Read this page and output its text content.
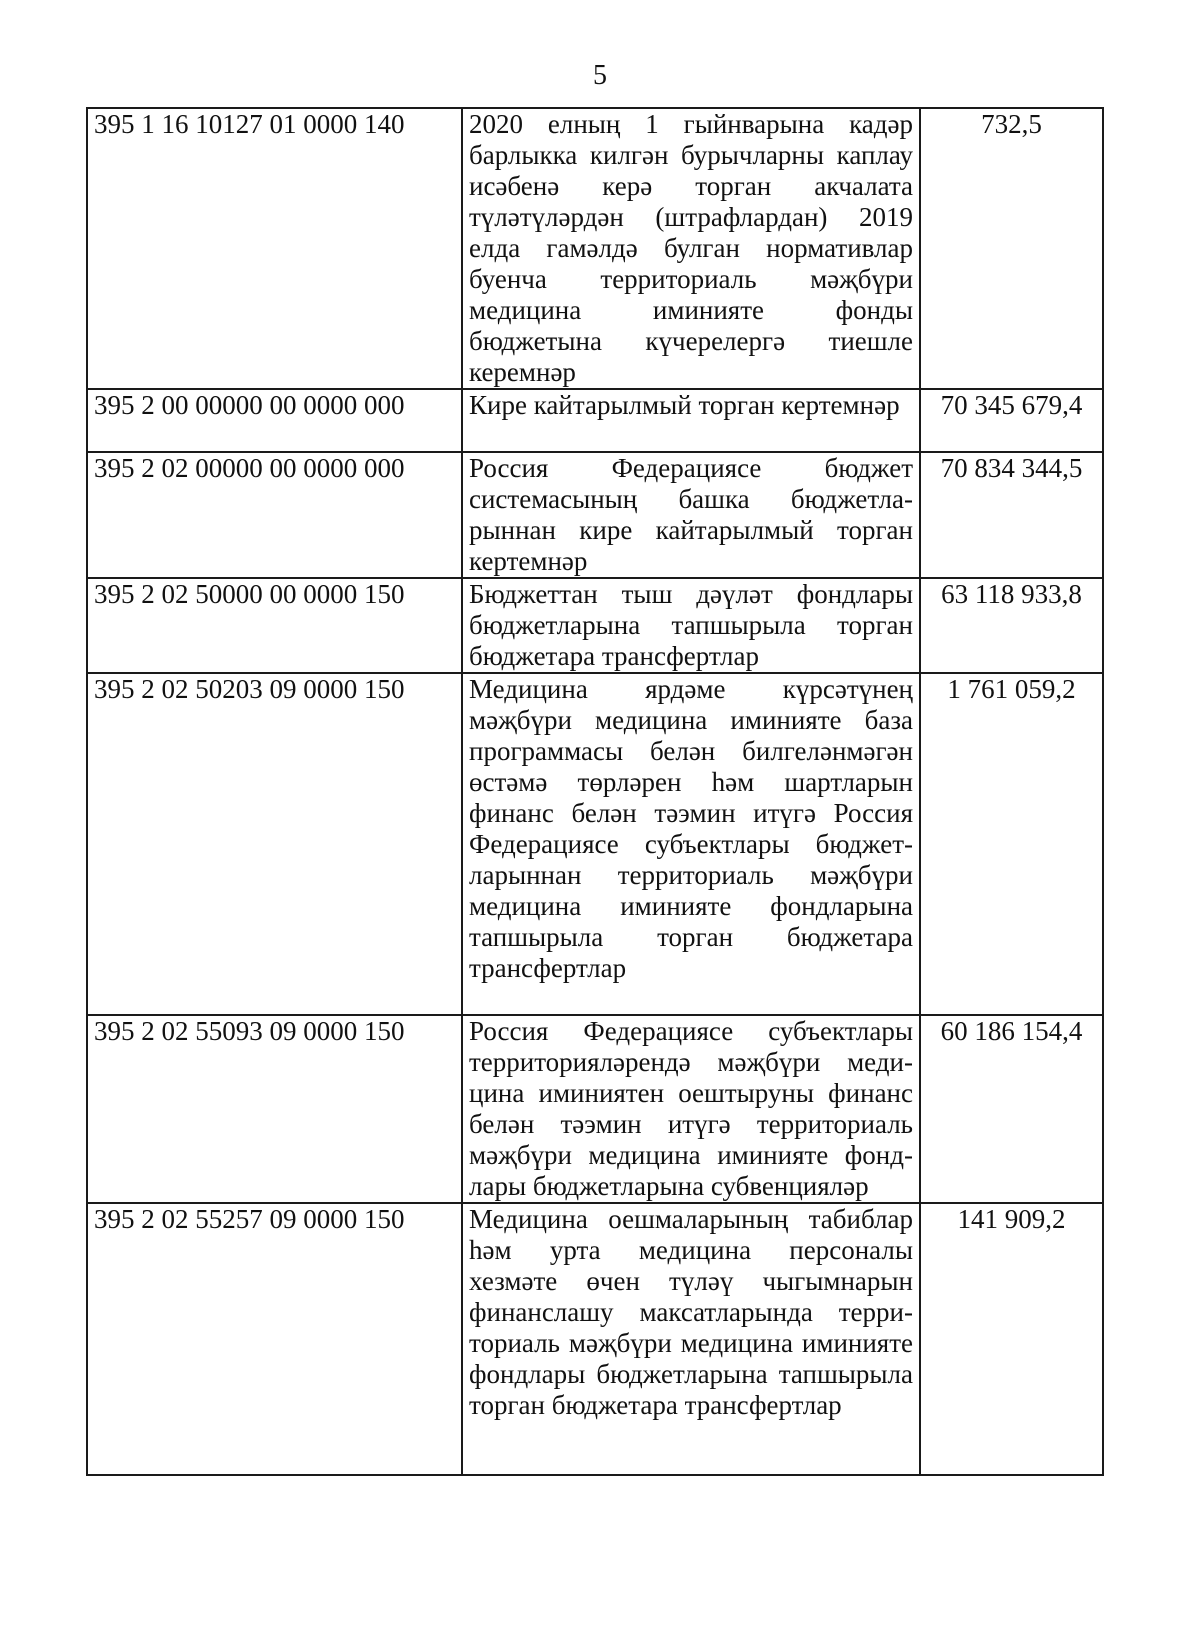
5
395 1 16 10127 01 0000 140	2020 елның 1 гыйнварына кадәр барлыкка килгән бурычларны каплау исәбенә керә торган акчалата түләтүләрдән (штрафлардан) 2019 елда гамәлдә булган нормативлар буенча территориаль мәҗбүри медицина иминияте фонды бюджетына күчерелергә тиешле керемнәр	732,5
395 2 00 00000 00 0000 000	Кире кайтарылмый торган кертемнәр	70 345 679,4
395 2 02 00000 00 0000 000	Россия Федерациясе бюджет системасының башка бюджетларыннан кире кайтарылмый торган кертемнәр	70 834 344,5
395 2 02 50000 00 0000 150	Бюджеттан тыш дәүләт фондлары бюджетларына тапшырыла торган бюджетара трансфертлар	63 118 933,8
395 2 02 50203 09 0000 150	Медицина ярдәме күрсәтүнең мәҗбүри медицина иминияте база программасы белән билгеләнмәгән өстәмә төрләрен һәм шартларын финанс белән тәэмин итүгә Россия Федерациясе субъектлары бюджетларыннан территориаль мәҗбүри медицина иминияте фондларына тапшырыла торган бюджетара трансфертлар	1 761 059,2
395 2 02 55093 09 0000 150	Россия Федерациясе субъектлары территорияләрендә мәҗбүри медицина иминиятен оештыруны финанс белән тәэмин итүгә территориаль мәҗбүри медицина иминияте фондлары бюджетларына субвенцияләр	60 186 154,4
395 2 02 55257 09 0000 150	Медицина оешмаларының табиблар һәм урта медицина персоналы хезмәте өчен түләү чыгымнарын финанслашу максатларында территориаль мәҗбүри медицина иминияте фондлары бюджетларына тапшырыла торган бюджетара трансфертлар	141 909,2
